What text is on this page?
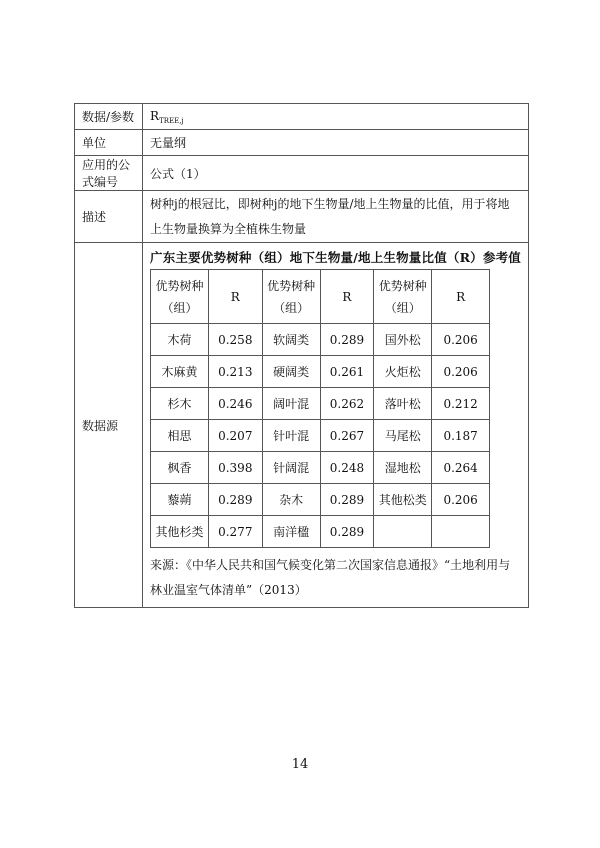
数据/参数	$R_{TREE,j}$
单位	无量纲
应用的公式编号	公式（1）
描述	树种j的根冠比，即树种j的地下生物量/地上生物量的比值，用于将地上生物量换算为全植株生物量
数据源	
广东主要优势树种（组）地下生物量/地上生物量比值（R）参考值
优势树种（组）	R	优势树种（组）	R	优势树种（组）	R
木荷	0.258	软阔类	0.289	国外松	0.206
木麻黄	0.213	硬阔类	0.261	火炬松	0.206
杉木	0.246	阔叶混	0.262	落叶松	0.212
相思	0.207	针叶混	0.267	马尾松	0.187
枫香	0.398	针阔混	0.248	湿地松	0.264
藜蒴	0.289	杂木	0.289	其他松类	0.206
其他杉类	0.277	南洋楹	0.289		
来源：《中华人民共和国气候变化第二次国家信息通报》“土地利用与林业温室气体清单”（2013）
14
